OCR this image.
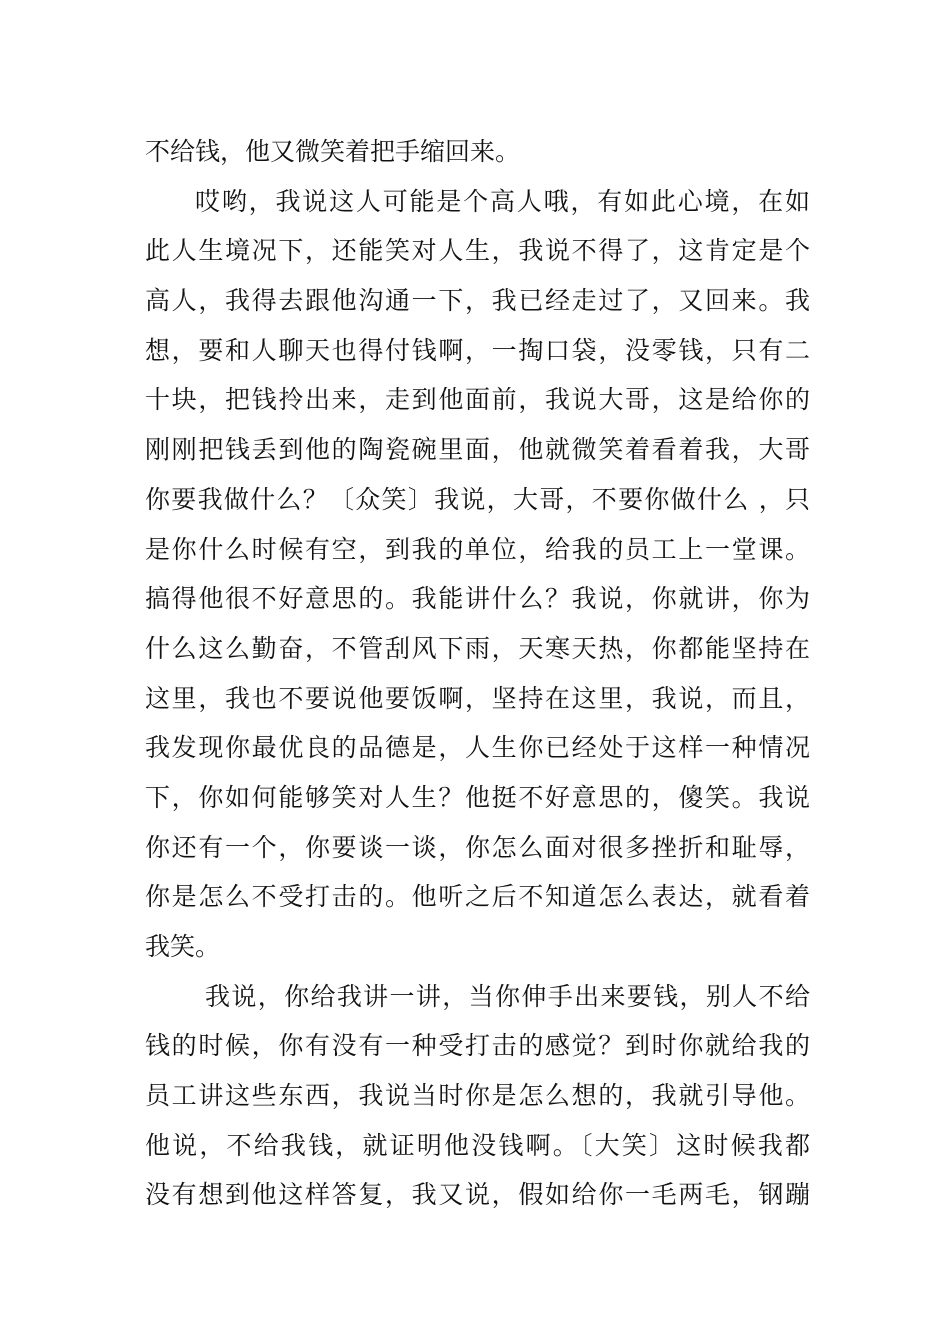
不给钱，他又微笑着把手缩回来。
哎哟，我说这人可能是个高人哦，有如此心境，在如
此人生境况下，还能笑对人生，我说不得了，这肯定是个
高人，我得去跟他沟通一下，我已经走过了，又回来。我
想，要和人聊天也得付钱啊，一掏口袋，没零钱，只有二
十块，把钱拎出来，走到他面前，我说大哥，这是给你的
刚刚把钱丢到他的陶瓷碗里面，他就微笑着看着我，大哥
你要我做什么？〔众笑〕我说，大哥，不要你做什么 ，只
是你什么时候有空，到我的单位，给我的员工上一堂课。
搞得他很不好意思的。我能讲什么？我说，你就讲，你为
什么这么勤奋，不管刮风下雨，天寒天热，你都能坚持在
这里，我也不要说他要饭啊，坚持在这里，我说，而且，
我发现你最优良的品德是，人生你已经处于这样一种情况
下，你如何能够笑对人生？他挺不好意思的，傻笑。我说
你还有一个，你要谈一谈，你怎么面对很多挫折和耻辱，
你是怎么不受打击的。他听之后不知道怎么表达，就看着
我笑。
我说，你给我讲一讲，当你伸手出来要钱，别人不给
钱的时候，你有没有一种受打击的感觉？到时你就给我的
员工讲这些东西，我说当时你是怎么想的，我就引导他。
他说，不给我钱，就证明他没钱啊。〔大笑〕这时候我都
没有想到他这样答复，我又说，假如给你一毛两毛，钢蹦
